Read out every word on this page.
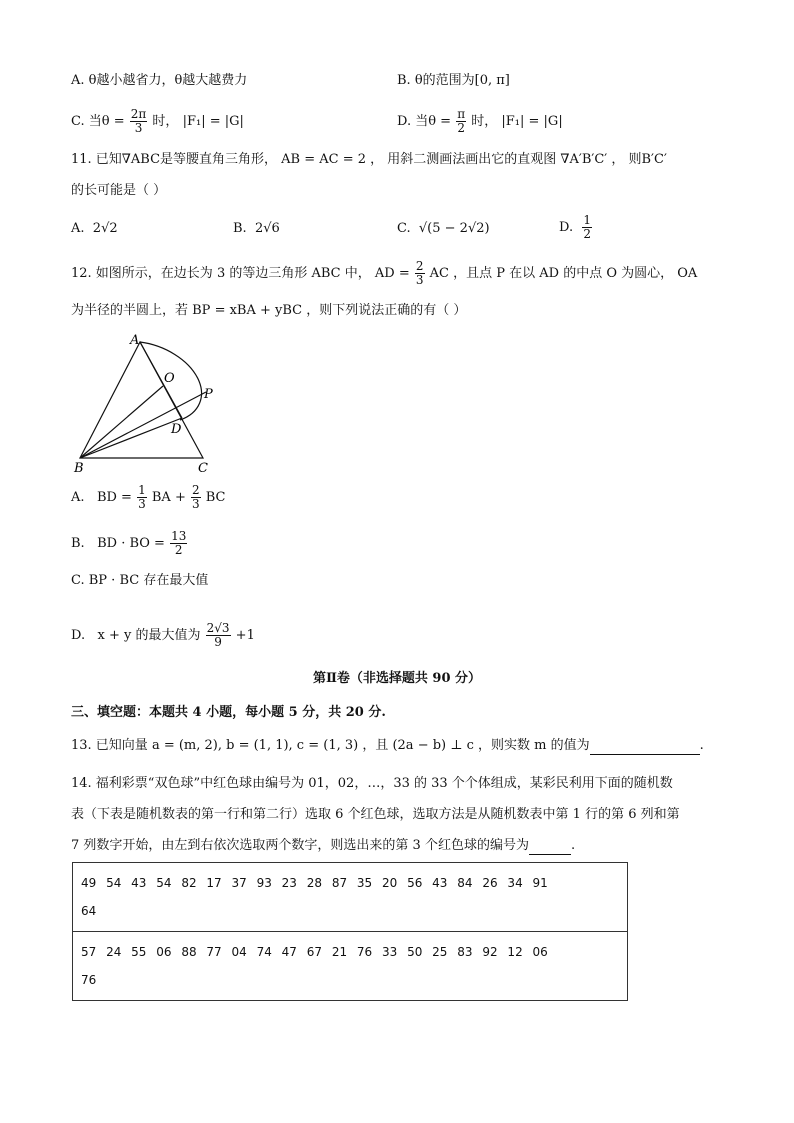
A. θ越小越省力，θ越大越费力	B. θ的范围为[0, π]
C. 当$\theta = \frac{2\pi}{3}$ 时， |F₁| = |G|	D. 当$\theta = \frac{\pi}{2}$ 时， |F₁| = |G|
11. 已知∇ABC是等腰直角三角形， AB = AC = 2 ， 用斜二测画法画出它的直观图 ∇A′B′C′ ， 则B′C′
的长可能是（ ）
A. 2√2	B. 2√6	C. √(5 − 2√2)	D. $\frac{1}{2}$
12. 如图所示，在边长为 3 的等边三角形 ABC 中， AD = $\frac{2}{3}$ AC ，且点 P 在以 AD 的中点 O 为圆心， OA
为半径的半圆上，若 BP = xBA + yBC ，则下列说法正确的有（ ）
A
O
P
D
B	C
A. BD = $\frac{1}{3}$ BA + $\frac{2}{3}$ BC
B. BD · BO = $\frac{13}{2}$
C. BP · BC 存在最大值
D. x + y 的最大值为 $\frac{2√3}{9} +1$
第Ⅱ卷（非选择题共 90 分）
三、填空题：本题共 4 小题，每小题 5 分，共 20 分.
13. 已知向量 a = (m, 2), b = (1, 1), c = (1, 3) ，且 (2a − b) ⊥ c ，则实数 m 的值为	.
14. 福利彩票“双色球”中红色球由编号为 01，02，…，33 的 33 个个体组成，某彩民利用下面的随机数
表（下表是随机数表的第一行和第二行）选取 6 个红色球，选取方法是从随机数表中第 1 行的第 6 列和第
7 列数字开始，由左到右依次选取两个数字，则选出来的第 3 个红色球的编号为	.
49 54 43 54 82 17 37 93 23 28 87 35 20 56 43 84 26 34 91
64

57 24 55 06 88 77 04 74 47 67 21 76 33 50 25 83 92 12 06
76
